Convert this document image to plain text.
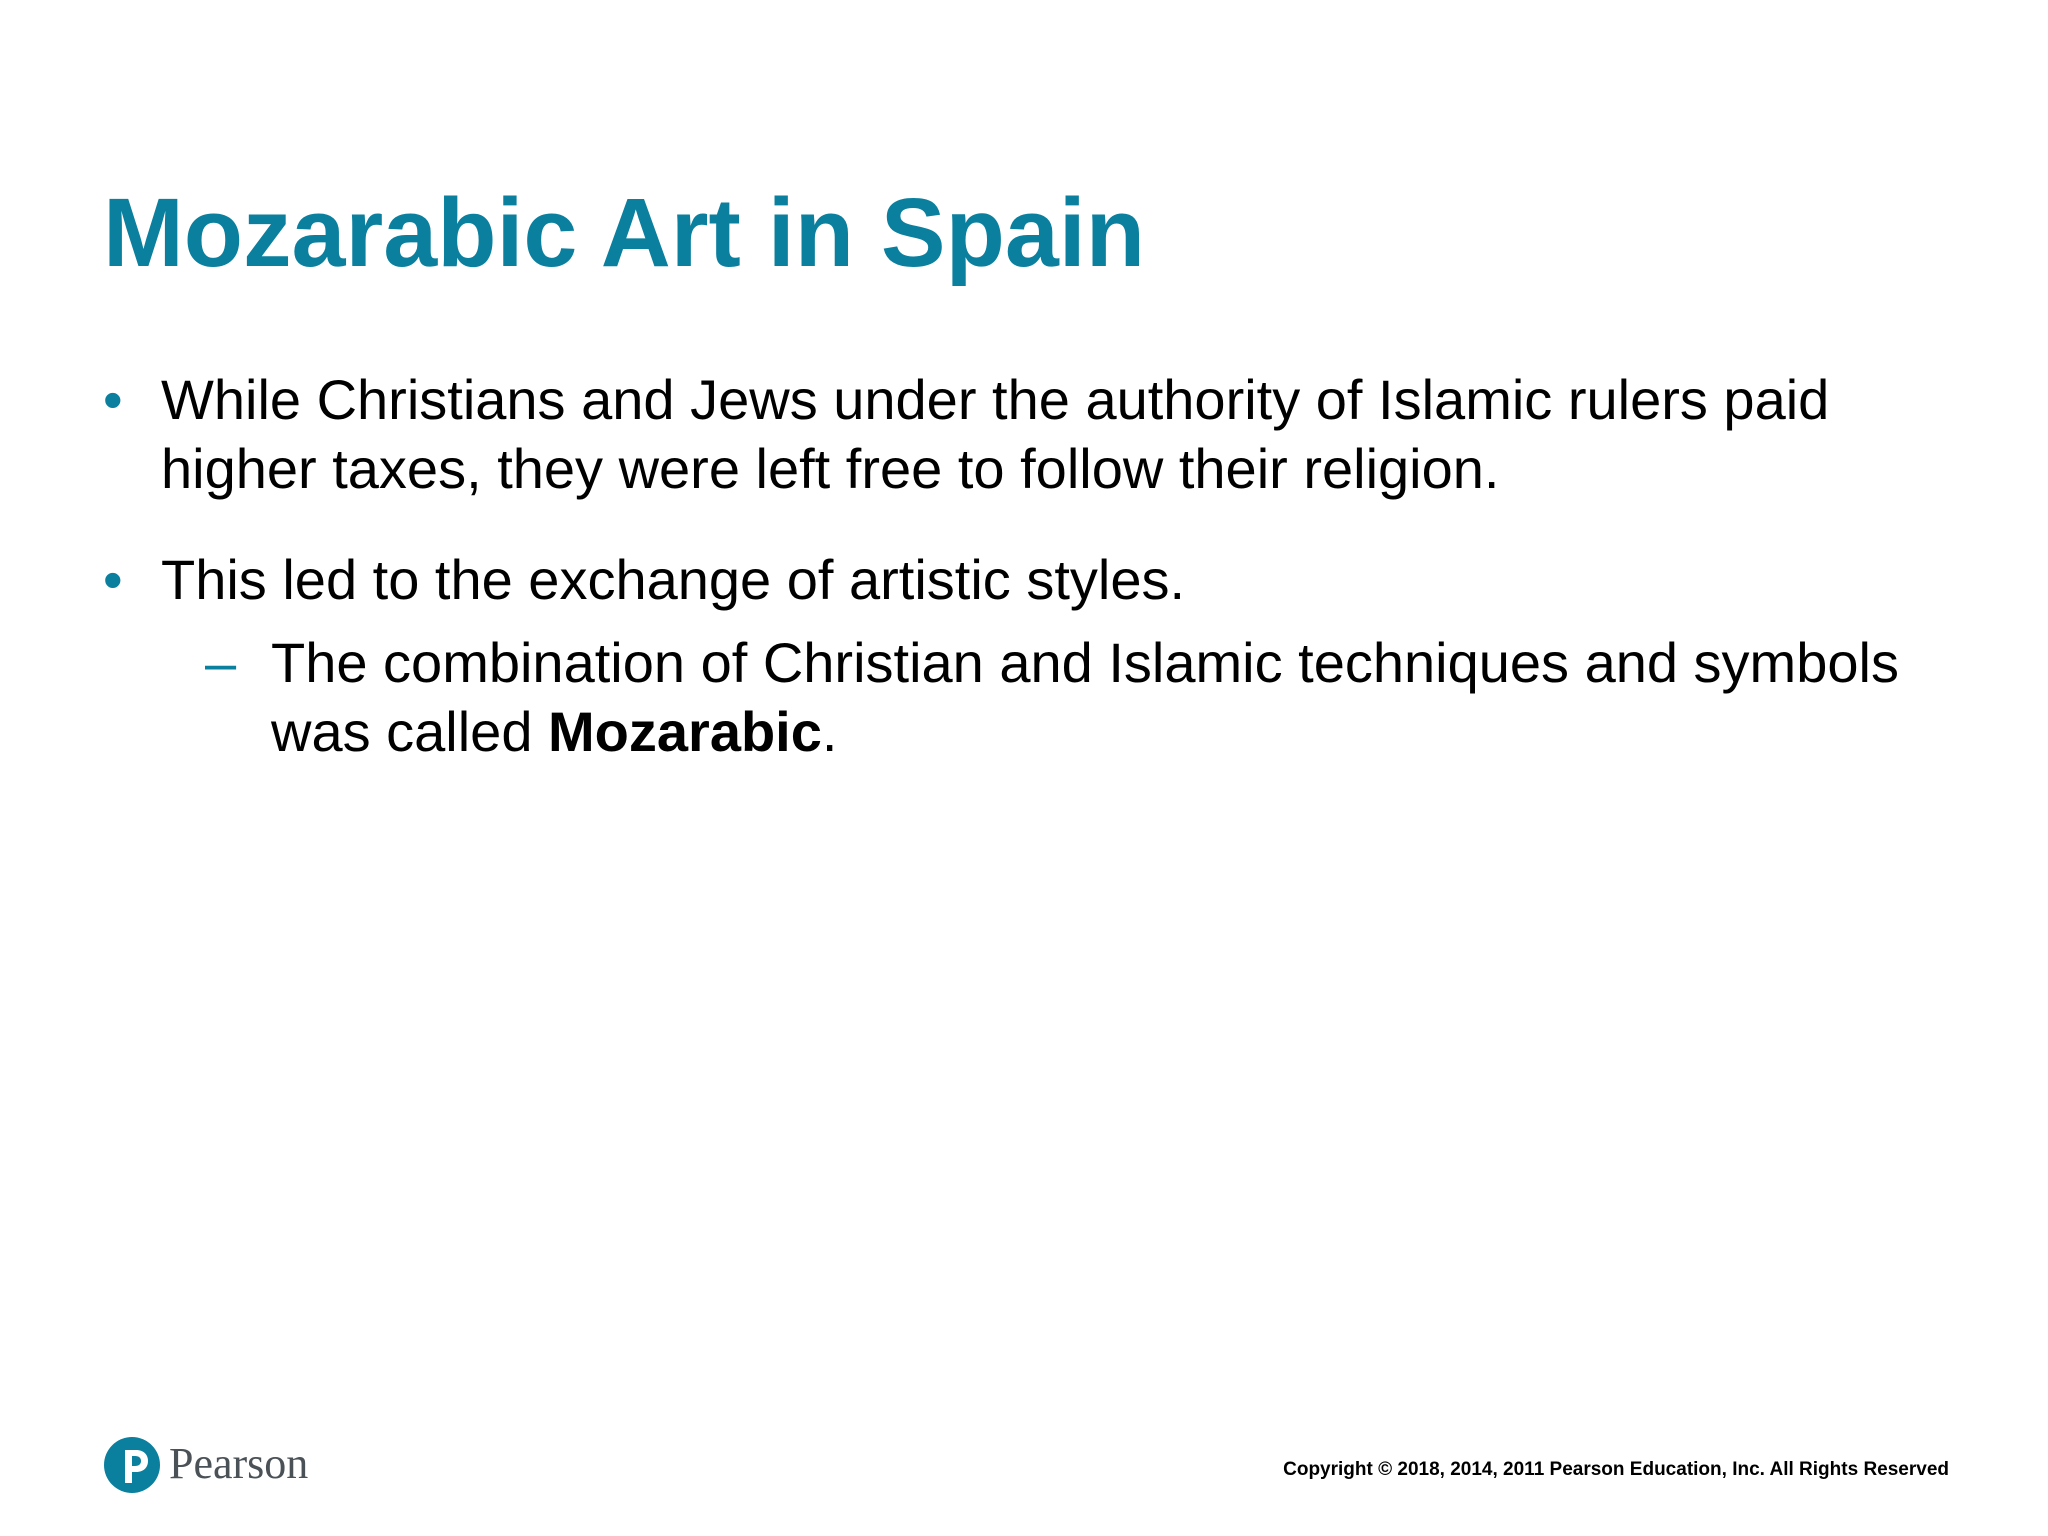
Mozarabic Art in Spain
• While Christians and Jews under the authority of Islamic rulers paid
higher taxes, they were left free to follow their religion.
• This led to the exchange of artistic styles.
– The combination of Christian and Islamic techniques and symbols
was called Mozarabic.
Pearson	Copyright © 2018, 2014, 2011 Pearson Education, Inc. All Rights Reserved
